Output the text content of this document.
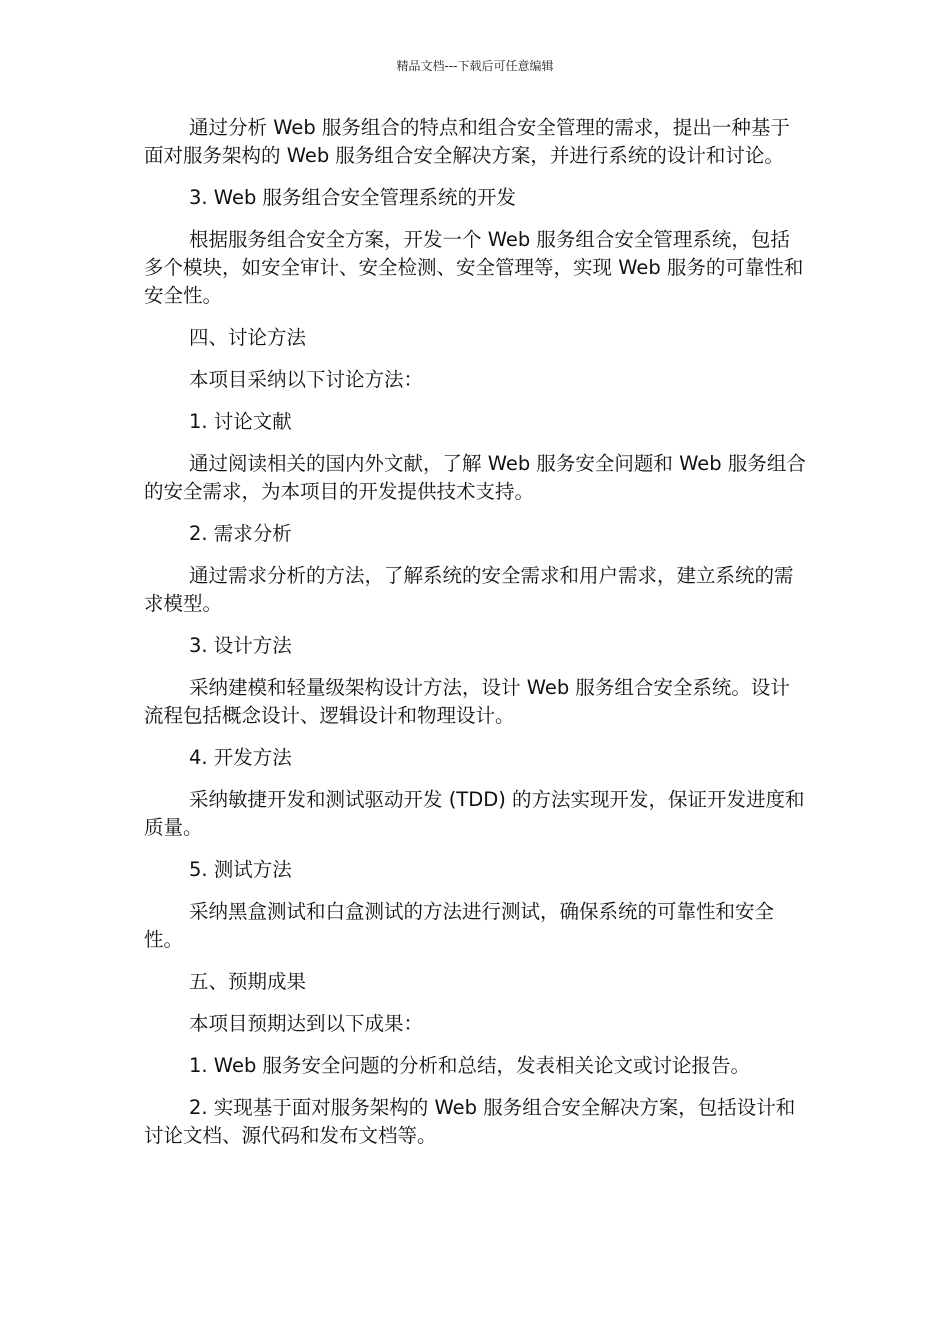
精品文档---下载后可任意编辑

通过分析 Web 服务组合的特点和组合安全管理的需求，提出一种基于面对服务架构的 Web 服务组合安全解决方案，并进行系统的设计和讨论。

3. Web 服务组合安全管理系统的开发

根据服务组合安全方案，开发一个 Web 服务组合安全管理系统，包括多个模块，如安全审计、安全检测、安全管理等，实现 Web 服务的可靠性和安全性。

四、讨论方法

本项目采纳以下讨论方法：

1. 讨论文献

通过阅读相关的国内外文献，了解 Web 服务安全问题和 Web 服务组合的安全需求，为本项目的开发提供技术支持。

2. 需求分析

通过需求分析的方法，了解系统的安全需求和用户需求，建立系统的需求模型。

3. 设计方法

采纳建模和轻量级架构设计方法，设计 Web 服务组合安全系统。设计流程包括概念设计、逻辑设计和物理设计。

4. 开发方法

采纳敏捷开发和测试驱动开发 (TDD) 的方法实现开发，保证开发进度和质量。

5. 测试方法

采纳黑盒测试和白盒测试的方法进行测试，确保系统的可靠性和安全性。

五、预期成果

本项目预期达到以下成果：

1. Web 服务安全问题的分析和总结，发表相关论文或讨论报告。

2. 实现基于面对服务架构的 Web 服务组合安全解决方案，包括设计和讨论文档、源代码和发布文档等。
